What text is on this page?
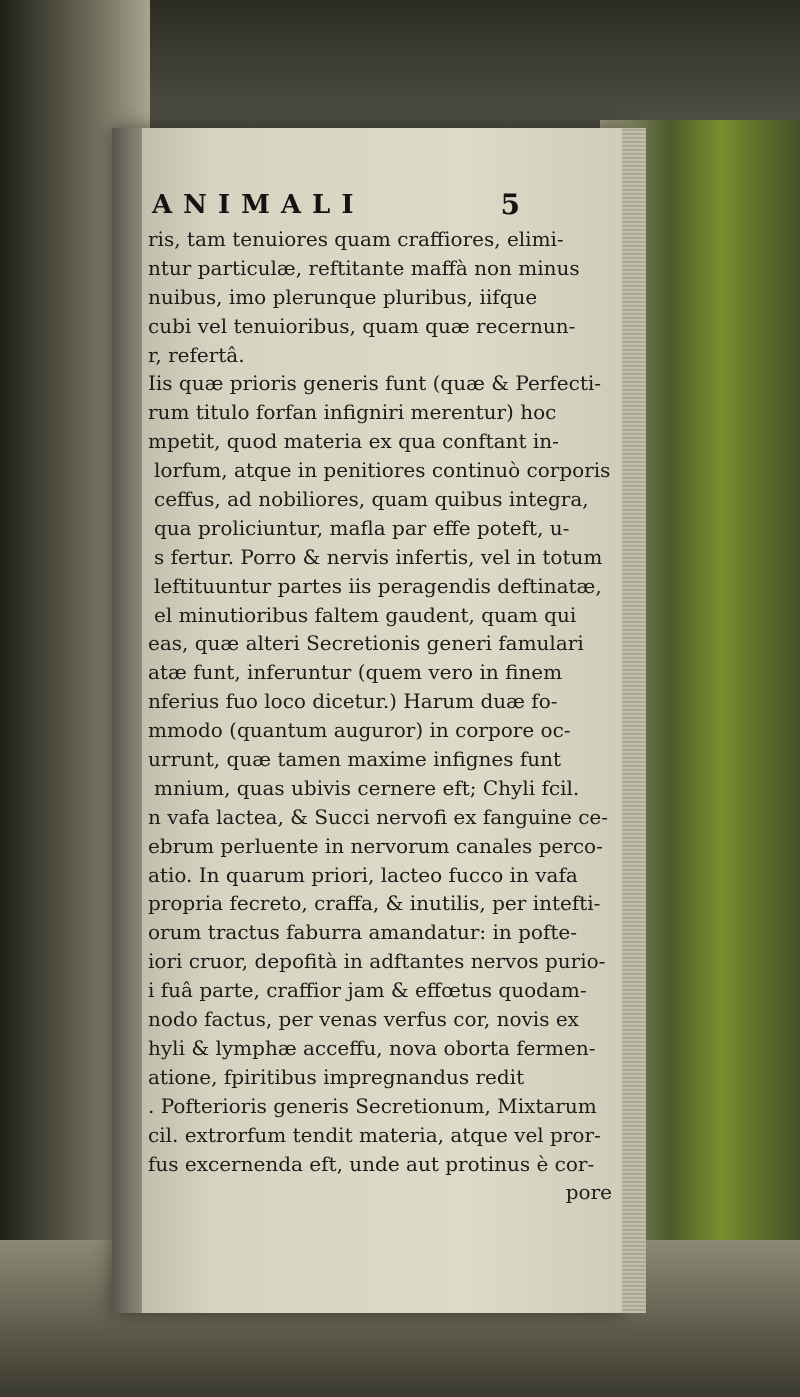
ANIMALI	5
ris, tam tenuiores quam craffiores, elimi-
ntur particulæ, reftitante maffà non minus
nuibus, imo plerunque pluribus, iifque
cubi vel tenuioribus, quam quæ recernun-
r, refertâ.
Iis quæ prioris generis funt (quæ & Perfecti-
rum titulo forfan infigniri merentur) hoc
mpetit, quod materia ex qua conftant in-
lorfum, atque in penitiores continuò corporis
ceffus, ad nobiliores, quam quibus integra,
qua proliciuntur, mafla par effe poteft, u-
s fertur. Porro & nervis infertis, vel in totum
leftituuntur partes iis peragendis deftinatæ,
el minutioribus faltem gaudent, quam qui
eas, quæ alteri Secretionis generi famulari
atæ funt, inferuntur (quem vero in finem
nferius fuo loco dicetur.) Harum duæ fo-
mmodo (quantum auguror) in corpore oc-
urrunt, quæ tamen maxime infignes funt
mnium, quas ubivis cernere eft; Chyli fcil.
n vafa lactea, & Succi nervofi ex fanguine ce-
ebrum perluente in nervorum canales perco-
atio. In quarum priori, lacteo fucco in vafa
propria fecreto, craffa, & inutilis, per intefti-
orum tractus faburra amandatur: in pofte-
iori cruor, depofità in adftantes nervos purio-
i fuâ parte, craffior jam & effœtus quodam-
nodo factus, per venas verfus cor, novis ex
hyli & lymphæ acceffu, nova oborta fermen-
atione, fpiritibus impregnandus redit
. Pofterioris generis Secretionum, Mixtarum
cil. extrorfum tendit materia, atque vel pror-
fus excernenda eft, unde aut protinus è cor-
pore
